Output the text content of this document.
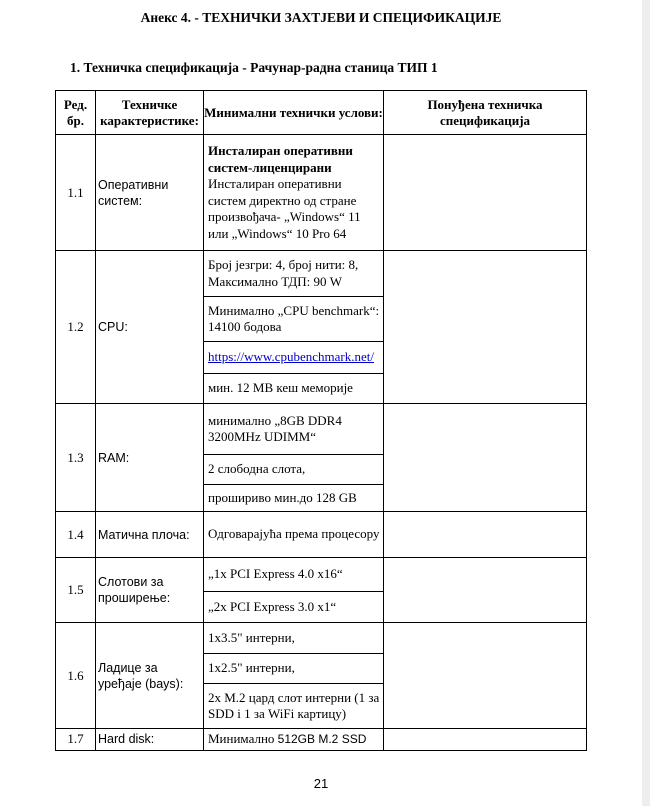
Анекс 4. - ТЕХНИЧКИ ЗАХТЈЕВИ И СПЕЦИФИКАЦИЈЕ
1. Техничка спецификација - Рачунар-радна станица ТИП 1
Ред. бр.	Техничке карактеристике:	Минимални технички услови:	Понуђена техничка спецификација
1.1	Оперативни систем:	Инсталиран оперативни систем-лиценцирани
Инсталиран оперативни систем директно од стране произвођача- „Windows“ 11 или „Windows“ 10 Pro 64	

1.2	CPU:	Број језгри: 4, број нити: 8, Максимално ТДП: 90 W	
		Минимално „CPU benchmark“: 14100 бодова	
		https://www.cpubenchmark.net/	
		мин. 12 MB кеш меморије	
1.3	RAM:	минимално „8GB DDR4 3200MHz UDIMM“	
		2 слободна слота,	
		проширивo мин.до 128 GB	
1.4	Матична плоча:	Одговарајућа према процесору	
1.5	Слотови за проширење:	„1x PCI Express 4.0 x16“	
		„2x PCI Express 3.0 x1“	
1.6	Ладице за уређаје (bays):	1x3.5" интерни,	
		1x2.5" интерни,	
		2x M.2 цард слот интерни (1 за SDD i 1 за WiFi картицу)	
1.7	Hard disk:	Минимално 512GB M.2 SSD	
21
